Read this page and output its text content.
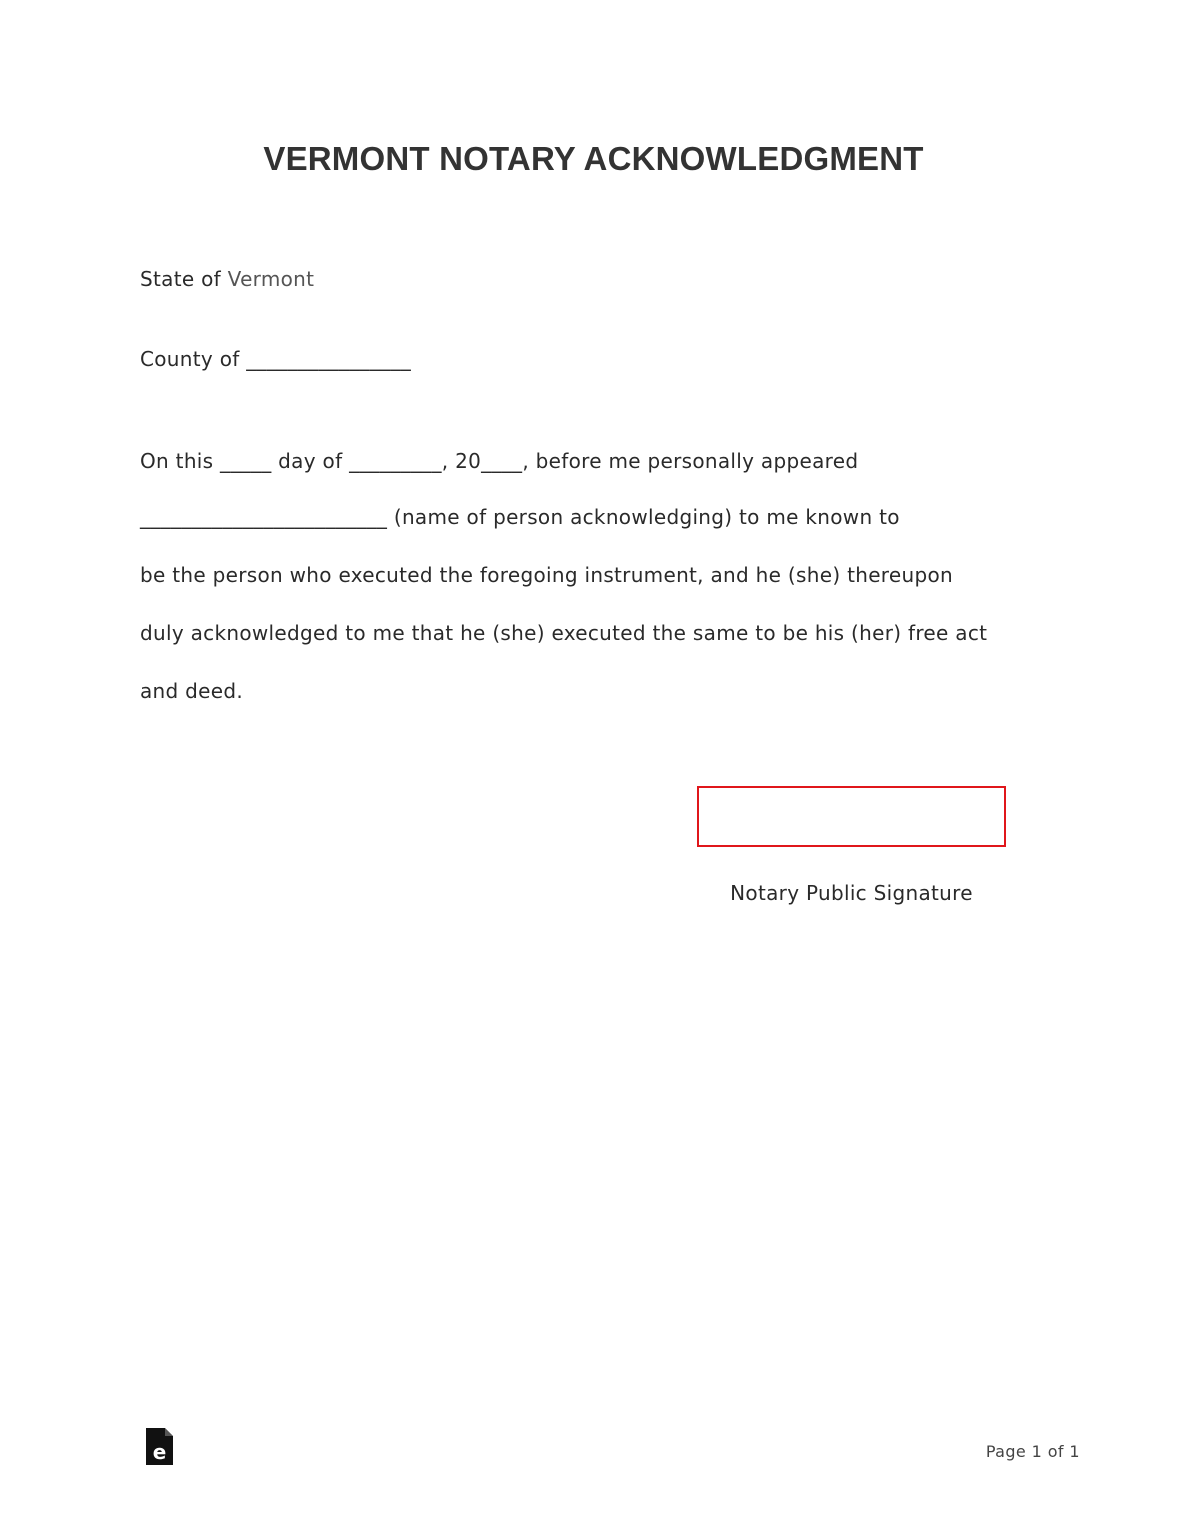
VERMONT NOTARY ACKNOWLEDGMENT
State of Vermont
County of ________________
On this _____ day of _________, 20____, before me personally appeared
________________________ (name of person acknowledging) to me known to
be the person who executed the foregoing instrument, and he (she) thereupon
duly acknowledged to me that he (she) executed the same to be his (her) free act
and deed.
______________________________
Notary Public Signature
e	Page 1 of 1
